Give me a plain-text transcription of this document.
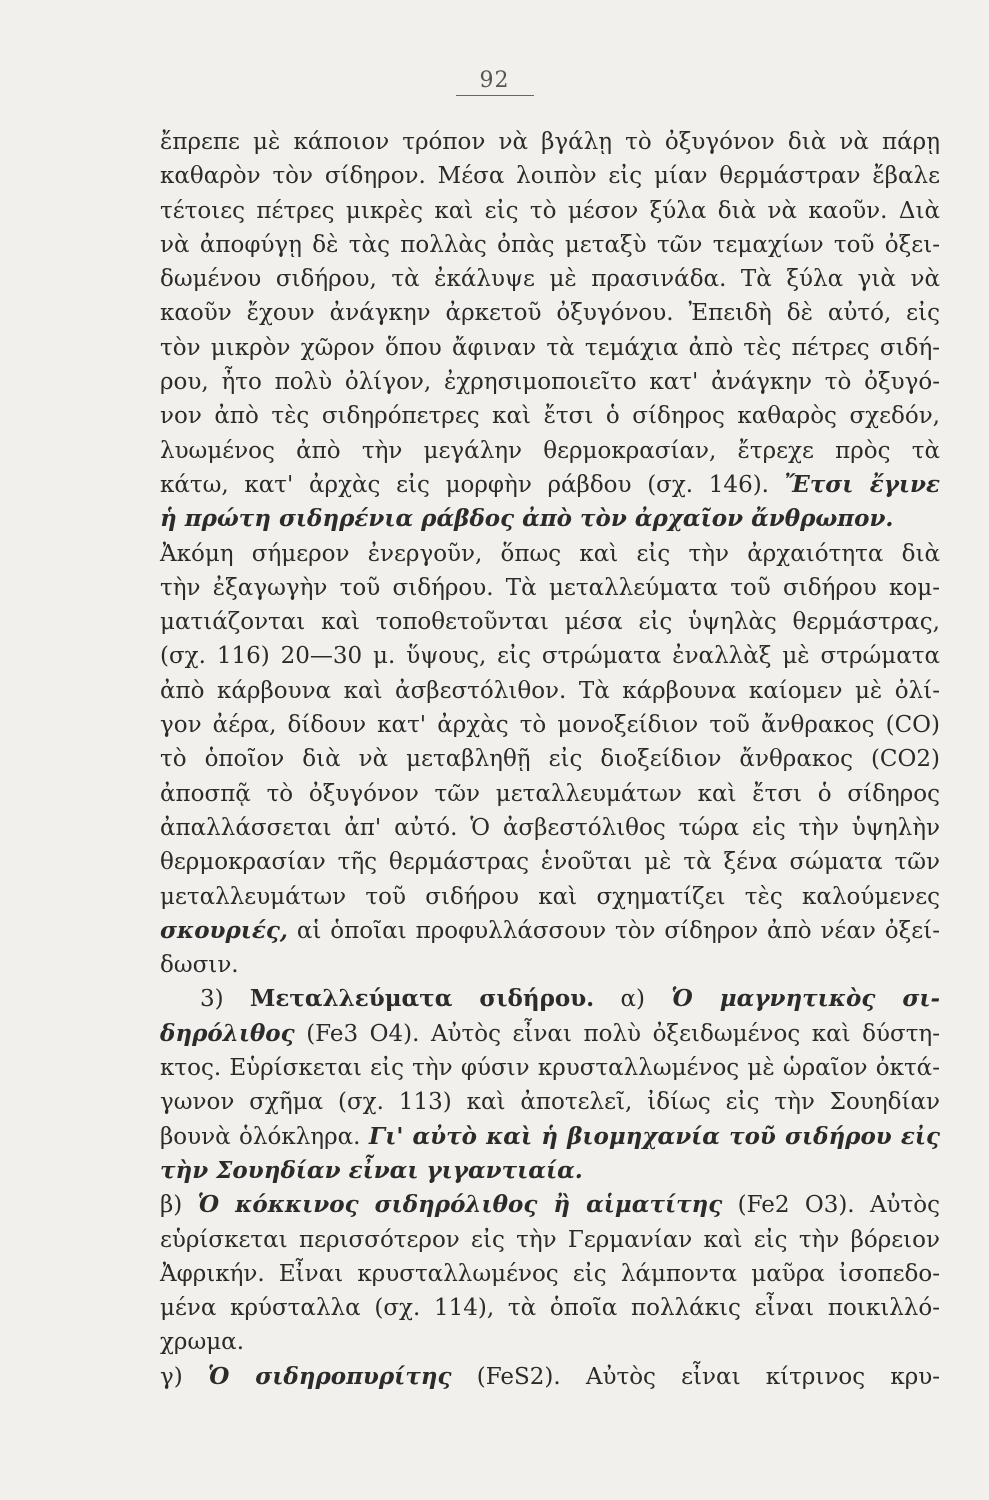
92
ἔπρεπε μὲ κάποιον τρόπον νὰ βγάλῃ τὸ ὀξυγόνον διὰ νὰ πάρῃ
καθαρὸν τὸν σίδηρον. Μέσα λοιπὸν εἰς μίαν θερμάστραν ἔβαλε
τέτοιες πέτρες μικρὲς καὶ εἰς τὸ μέσον ξύλα διὰ νὰ καοῦν. Διὰ
νὰ ἀποφύγῃ δὲ τὰς πολλὰς ὀπὰς μεταξὺ τῶν τεμαχίων τοῦ ὀξει-
δωμένου σιδήρου, τὰ ἐκάλυψε μὲ πρασινάδα. Τὰ ξύλα γιὰ νὰ
καοῦν ἔχουν ἀνάγκην ἀρκετοῦ ὀξυγόνου. Ἐπειδὴ δὲ αὐτό, εἰς
τὸν μικρὸν χῶρον ὅπου ἄφιναν τὰ τεμάχια ἀπὸ τὲς πέτρες σιδή-
ρου, ἦτο πολὺ ὀλίγον, ἐχρησιμοποιεῖτο κατ' ἀνάγκην τὸ ὀξυγό-
νον ἀπὸ τὲς σιδηρόπετρες καὶ ἔτσι ὁ σίδηρος καθαρὸς σχεδόν,
λυωμένος ἀπὸ τὴν μεγάλην θερμοκρασίαν, ἔτρεχε πρὸς τὰ
κάτω, κατ' ἀρχὰς εἰς μορφὴν ράβδου (σχ. 146). Ἔτσι ἔγινε
ἡ πρώτη σιδηρένια ράβδος ἀπὸ τὸν ἀρχαῖον ἄνθρωπον.
Ἀκόμη σήμερον ἐνεργοῦν, ὅπως καὶ εἰς τὴν ἀρχαιότητα διὰ
τὴν ἐξαγωγὴν τοῦ σιδήρου. Τὰ μεταλλεύματα τοῦ σιδήρου κομ-
ματιάζονται καὶ τοποθετοῦνται μέσα εἰς ὑψηλὰς θερμάστρας,
(σχ. 116) 20—30 μ. ὕψους, εἰς στρώματα ἐναλλὰξ μὲ στρώματα
ἀπὸ κάρβουνα καὶ ἀσβεστόλιθον. Τὰ κάρβουνα καίομεν μὲ ὀλί-
γον ἀέρα, δίδουν κατ' ἀρχὰς τὸ μονοξείδιον τοῦ ἄνθρακος (CO)
τὸ ὁποῖον διὰ νὰ μεταβληθῇ εἰς διοξείδιον ἄνθρακος (CO2)
ἀποσπᾷ τὸ ὀξυγόνον τῶν μεταλλευμάτων καὶ ἔτσι ὁ σίδηρος
ἀπαλλάσσεται ἀπ' αὐτό. Ὁ ἀσβεστόλιθος τώρα εἰς τὴν ὑψηλὴν
θερμοκρασίαν τῆς θερμάστρας ἑνοῦται μὲ τὰ ξένα σώματα τῶν
μεταλλευμάτων τοῦ σιδήρου καὶ σχηματίζει τὲς καλούμενες
σκουριές, αἱ ὁποῖαι προφυλλάσσουν τὸν σίδηρον ἀπὸ νέαν ὀξεί-
δωσιν.
3) Μεταλλεύματα σιδήρου. α) Ὁ μαγνητικὸς σι-
δηρόλιθος (Fe3 O4). Αὐτὸς εἶναι πολὺ ὀξειδωμένος καὶ δύστη-
κτος. Εὑρίσκεται εἰς τὴν φύσιν κρυσταλλωμένος μὲ ὡραῖον ὀκτά-
γωνον σχῆμα (σχ. 113) καὶ ἀποτελεῖ, ἰδίως εἰς τὴν Σουηδίαν
βουνὰ ὁλόκληρα. Γι' αὐτὸ καὶ ἡ βιομηχανία τοῦ σιδήρου εἰς
τὴν Σουηδίαν εἶναι γιγαντιαία.
β) Ὁ κόκκινος σιδηρόλιθος ἢ αἱματίτης (Fe2 O3). Αὐτὸς
εὑρίσκεται περισσότερον εἰς τὴν Γερμανίαν καὶ εἰς τὴν βόρειον
Ἀφρικήν. Εἶναι κρυσταλλωμένος εἰς λάμποντα μαῦρα ἰσοπεδο-
μένα κρύσταλλα (σχ. 114), τὰ ὁποῖα πολλάκις εἶναι ποικιλλό-
χρωμα.
γ) Ὁ σιδηροπυρίτης (FeS2). Αὐτὸς εἶναι κίτρινος κρυ-
